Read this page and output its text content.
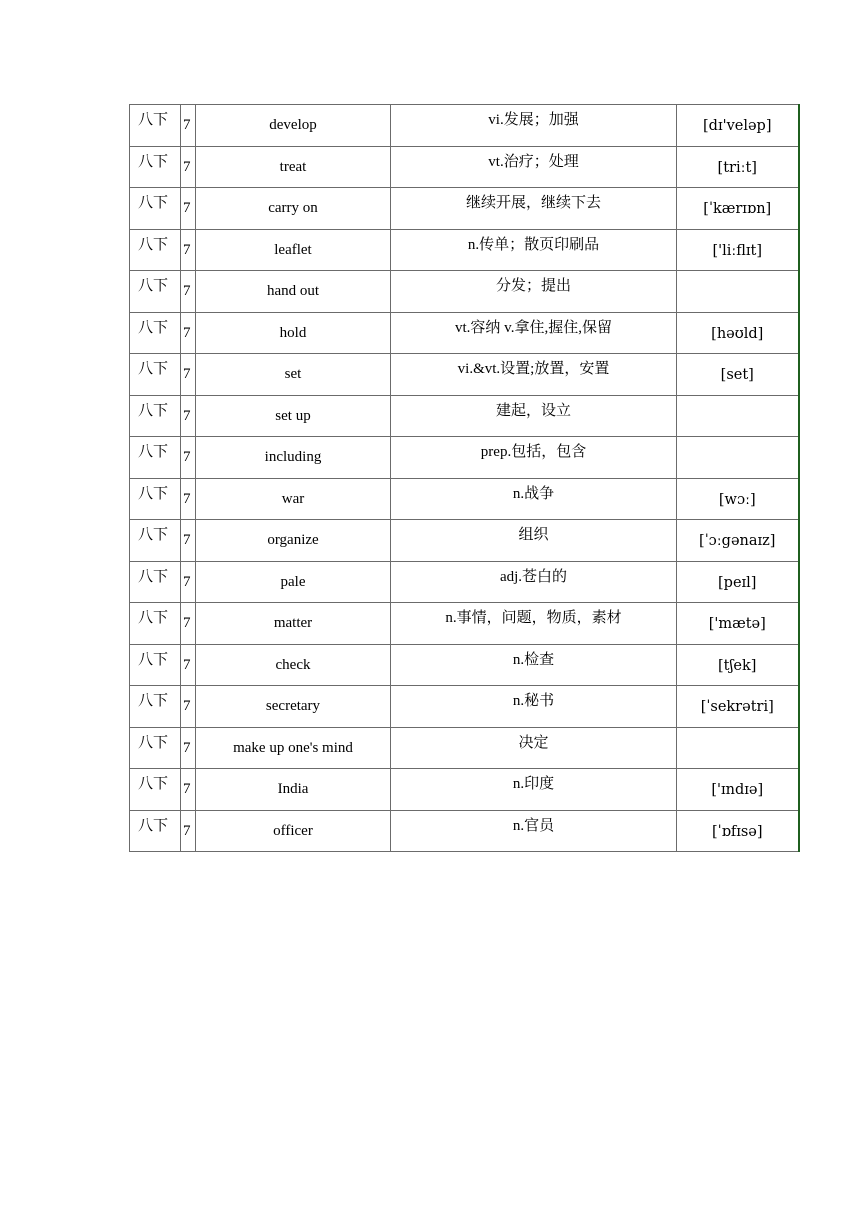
八下	7	develop	vi.发展；加强	[dɪ'veləp]
八下	7	treat	vt.治疗；处理	[triːt]
八下	7	carry on	继续开展，继续下去	[ˈkærɪɒn]
八下	7	leaflet	n.传单；散页印刷品	['liːflɪt]
八下	7	hand out	分发；提出	
八下	7	hold	vt.容纳 v.拿住,握住,保留	[həʊld]
八下	7	set	vi.&vt.设置;放置，安置	[set]
八下	7	set up	建起，设立	
八下	7	including	prep.包括，包含	
八下	7	war	n.战争	[wɔː]
八下	7	organize	组织	[ˈɔːgənaɪz]
八下	7	pale	adj.苍白的	[peɪl]
八下	7	matter	n.事情，问题，物质，素材	['mætə]
八下	7	check	n.检查	[tʃek]
八下	7	secretary	n.秘书	[ˈsekrətri]
八下	7	make up one's mind	决定	
八下	7	India	n.印度	['ɪndɪə]
八下	7	officer	n.官员	[ˈɒfɪsə]
